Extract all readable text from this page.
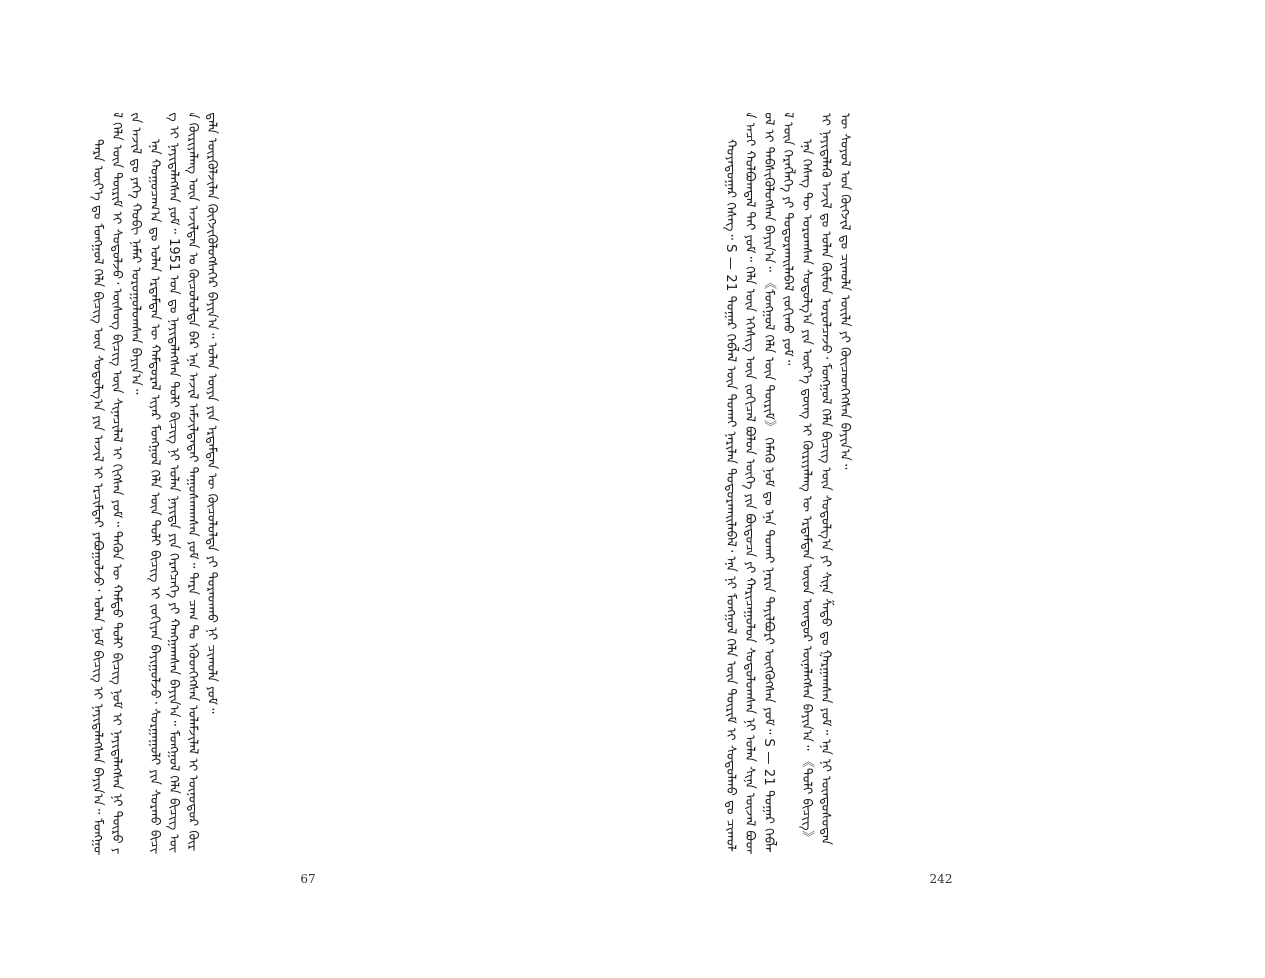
ᠲᠡᠷᠡ ᠦᠶ᠎ᠡ ᠳᠤ ᠮᠣᠩᠭᠣᠯ ᠬᠡᠯᠡ ᠪᠢᠴᠢᠭ ᠦᠨ ᠰᠤᠳᠤᠯᠭ᠎ᠠ ᠶᠢᠨ ᠠᠵᠢᠯ ᠢ ᠡᠷᠴᠢᠮᠲᠡᠢ ᠶᠠᠪᠤᠭᠤᠯᠵᠤ᠂ ᠣᠯᠠᠨ ᠨᠣᠮ ᠪᠢᠴᠢᠭ ᠢ ᠨᠡᠶᠢᠲᠡᠯᠡᠭᠰᠡᠨ ᠪᠠᠶᠢᠨ᠎ᠠ᠃ ᠮᠣᠩᠭᠣᠯ ᠬᠡᠯᠡ ᠦᠨ ᠳᠦᠷᠢᠮ ᠢ ᠰᠤᠳᠤᠯᠵᠤ᠂ ᠦᠰᠦᠭ ᠪᠢᠴᠢᠭ ᠦᠨ ᠰᠢᠨᠡᠴᠢᠯᠡᠯ ᠢ ᠬᠢᠭᠰᠡᠨ ᠶᠤᠮ᠃ ᠲᠡᠭᠦᠨ ᠦ ᠬᠠᠮᠲᠤ ᠲᠤᠯᠢ ᠪᠢᠴᠢᠭ ᠨᠣᠮ ᠢ ᠨᠡᠶᠢᠲᠡᠯᠡᠭᠰᠡᠨ ᠨᠢ ᠲᠦᠷᠦ ᠶᠢᠨ ᠠᠵᠢᠯ ᠳᠤ ᠶᠡᠬᠡ ᠬᠤᠪᠢ ᠨᠡᠮᠡᠷ ᠣᠷᠤᠭᠤᠯᠤᠭᠰᠠᠨ ᠪᠠᠶᠢᠨ᠎ᠠ᠃ ᠡᠨᠡ ᠬᠤᠭᠤᠴᠠᠭ᠎ᠠ ᠳᠤ ᠣᠯᠠᠨ ᠡᠷᠳᠡᠮᠲᠡᠨ ᠦ ᠬᠠᠮᠲᠤᠷᠠᠯ ᠢᠶᠠᠷ ᠮᠣᠩᠭᠣᠯ ᠬᠡᠯᠡ ᠦᠨ ᠲᠣᠯᠢ ᠪᠢᠴᠢᠭ ᠢ ᠵᠣᠬᠢᠶᠠᠨ ᠪᠠᠶᠢᠭᠤᠯᠵᠤ᠂ ᠰᠤᠷᠭᠠᠭᠤᠯᠢ ᠶᠢᠨ ᠰᠤᠷᠬᠤ ᠪᠢᠴᠢᠭ ᠢ ᠨᠡᠶᠢᠲᠡᠯᠡᠭᠰᠡᠨ ᠶᠤᠮ᠃ 1951 ᠣᠨ ᠳᠤ ᠨᠡᠶᠢᠲᠡᠯᠡᠭᠰᠡᠨ ᠲᠣᠯᠢ ᠪᠢᠴᠢᠭ ᠨᠢ ᠣᠯᠠᠨ ᠨᠡᠶᠢᠲᠡ ᠶᠢᠨ ᠬᠡᠷᠡᠭᠴᠡᠭᠡ ᠶᠢ ᠬᠠᠩᠭᠠᠭᠰᠠᠨ ᠪᠠᠶᠢᠨ᠎ᠠ᠃ ᠮᠣᠩᠭᠣᠯ ᠬᠡᠯᠡ ᠪᠢᠴᠢᠭ ᠦᠨ ᠬᠦᠷᠢᠶᠡᠯᠡᠩ ᠦᠨ ᠠᠵᠢᠯᠲᠠᠨ ᠤ ᠬᠦᠴᠦᠯᠦᠯᠲᠡ ᠪᠡᠷ ᠡᠨᠡ ᠠᠵᠢᠯ ᠠᠮᠵᠢᠯᠲᠠᠲᠠᠢ ᠳᠠᠭᠤᠰᠬᠠᠭᠰᠠᠨ ᠶᠤᠮ᠃ ᠲᠡᠷᠡ ᠴᠠᠭ ᠲᠤ ᠡᠭᠦᠳᠬᠡᠭᠰᠡᠨ ᠤᠯᠠᠮᠵᠢᠯᠠᠯ ᠢ ᠥᠨᠥᠳᠦᠷ ᠬᠦᠷᠲᠡᠯᠡ ᠦᠷᠭᠦᠯᠵᠢᠯᠡᠨ ᠬᠥᠭᠵᠢᠭᠦᠯᠦᠭᠰᠡᠭᠡᠷ ᠪᠠᠶᠢᠨ᠎ᠠ᠃ ᠣᠯᠠᠨ ᠦᠶᠡ ᠶᠢᠨ ᠡᠷᠳᠡᠮᠲᠡᠨ ᠦ ᠬᠦᠴᠦᠯᠦᠯᠲᠡ ᠶᠢ ᠳᠤᠷᠠᠳᠬᠤ ᠨᠢ ᠴᠢᠬᠤᠯᠠ ᠶᠤᠮ᠃

67

ᠬᠣᠶᠠᠳᠤᠭᠠᠷ ᠬᠡᠰᠡᠭ᠃ S — 21 ᠳᠤᠭᠠᠷ ᠬᠡᠪᠯᠡᠯ ᠦᠨ ᠲᠤᠬᠠᠢ ᠨᠠᠷᠢᠯᠠᠨ ᠲᠣᠳᠤᠷᠬᠠᠢᠯᠠᠪᠠᠯ᠂ ᠡᠨᠡ ᠨᠢ ᠮᠣᠩᠭᠣᠯ ᠬᠡᠯᠡ ᠦᠨ ᠳᠦᠷᠢᠮ ᠢ ᠰᠤᠳᠤᠯᠬᠤ ᠳᠤ ᠴᠢᠬᠤᠯᠠ ᠠᠴᠢ ᠬᠣᠯᠪᠣᠭᠳᠠᠯ ᠲᠠᠢ ᠶᠤᠮ᠃ ᠬᠡᠯᠡ ᠦᠨ ᠡᠭᠡᠰᠢᠭ ᠦᠨ ᠵᠣᠬᠢᠴᠠᠯ ᠪᠣᠯᠤᠨ ᠦᠭᠡ ᠶᠢᠨ ᠪᠦᠲᠦᠴᠡ ᠶᠢ ᠬᠠᠷᠢᠴᠠᠭᠤᠯᠤᠨ ᠰᠤᠳᠤᠯᠤᠭᠰᠠᠨ ᠨᠢ ᠣᠯᠠᠨ ᠰᠢᠨᠡ ᠦᠵᠡᠯ ᠪᠣᠳᠤᠯ ᠢ ᠳᠡᠪᠰᠢᠭᠦᠯᠦᠭᠰᠡᠨ ᠪᠠᠶᠢᠨ᠎ᠠ᠃ 《ᠮᠣᠩᠭᠣᠯ ᠬᠡᠯᠡ ᠦᠨ ᠳᠦᠷᠢᠮ》 ᠬᠡᠮᠡᠬᠦ ᠨᠣᠮ ᠳᠤ ᠡᠨᠡ ᠲᠤᠬᠠᠢ ᠨᠠᠷᠢᠨ ᠲᠠᠶᠢᠯᠪᠤᠷᠢ ᠥᠭᠭᠦᠭᠰᠡᠨ ᠶᠤᠮ᠃ S — 21 ᠳᠤᠭᠠᠷ ᠬᠡᠪᠯᠡᠯ ᠦᠨ ᠬᠡᠷᠡᠭᠯᠡᠭᠡ ᠶᠢ ᠲᠣᠳᠤᠷᠬᠠᠢᠯᠠᠪᠠᠯ ᠵᠣᠬᠢᠬᠤ ᠶᠤᠮ᠃ ᠡᠨᠡ ᠬᠡᠰᠡᠭ ᠲᠦ ᠣᠷᠣᠭᠰᠠᠨ ᠰᠤᠳᠤᠯᠭ᠎ᠠ ᠶᠢᠨ ᠦᠷ᠎ᠡ ᠳ᠋ᠦᠩ ᠢ ᠬᠦᠷᠢᠶᠡᠯᠡᠩ ᠦ ᠡᠷᠳᠡᠮᠲᠡᠨ ᠦᠳ ᠥᠨᠳᠥᠷ ᠦᠨᠡᠯᠡᠭᠰᠡᠨ ᠪᠠᠶᠢᠨ᠎ᠠ᠃ 《ᠲᠣᠯᠢ ᠪᠢᠴᠢᠭ》 ᠢ ᠨᠡᠶᠢᠲᠡᠯᠡᠬᠦ ᠠᠵᠢᠯ ᠳᠤ ᠣᠯᠠᠨ ᠬᠦᠮᠦᠨ ᠣᠷᠣᠯᠴᠠᠵᠤ᠂ ᠮᠣᠩᠭᠣᠯ ᠬᠡᠯᠡ ᠪᠢᠴᠢᠭ ᠦᠨ ᠰᠤᠳᠤᠯᠭ᠎ᠠ ᠶᠢ ᠰᠢᠨᠡ ᠱᠠᠲᠤ ᠳᠤ ᠭᠠᠷᠭᠠᠭᠰᠠᠨ ᠶᠤᠮ᠃ ᠡᠨᠡ ᠨᠢ ᠦᠨᠳᠦᠰᠦᠲᠡᠨ ᠦ ᠰᠣᠶᠣᠯ ᠤᠨ ᠬᠥᠭᠵᠢᠯ ᠳᠤ ᠴᠢᠬᠤᠯᠠ ᠦᠢᠯᠡ ᠶᠢ ᠭᠦᠢᠴᠡᠳᠭᠡᠭᠰᠡᠨ ᠪᠠᠶᠢᠨ᠎ᠠ᠃

242
